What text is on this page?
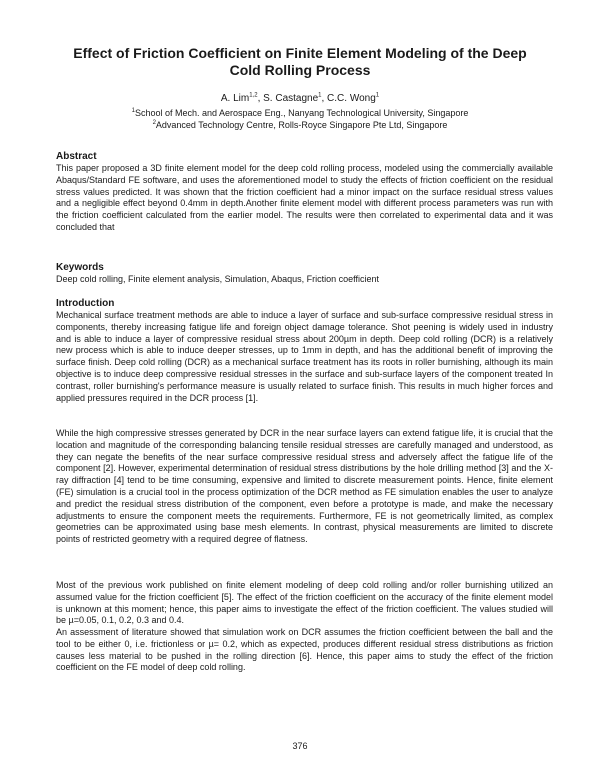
Effect of Friction Coefficient on Finite Element Modeling of the Deep
Cold Rolling Process
A. Lim$^{1,2}$, S. Castagne$^1$, C.C. Wong$^1$
$^1$School of Mech. and Aerospace Eng., Nanyang Technological University, Singapore
$^2$Advanced Technology Centre, Rolls-Royce Singapore Pte Ltd, Singapore
Abstract

This paper proposed a 3D finite element model for the deep cold rolling process, modeled using the commercially available Abaqus/Standard FE software, and uses the aforementioned model to study the effects of friction coefficient on the residual stress values predicted. It was shown that the friction coefficient had a minor impact on the surface residual stress values and a negligible effect beyond 0.4mm in depth.Another finite element model with different process parameters was run with the friction coefficient calculated from the earlier model. The results were then correlated to experimental data and it was concluded that

Keywords

Deep cold rolling, Finite element analysis, Simulation, Abaqus, Friction coefficient

Introduction

Mechanical surface treatment methods are able to induce a layer of surface and sub-surface compressive residual stress in components, thereby increasing fatigue life and foreign object damage tolerance. Shot peening is widely used in industry and is able to induce a layer of compressive residual stress about 200µm in depth. Deep cold rolling (DCR) is a relatively new process which is able to induce deeper stresses, up to 1mm in depth, and has the additional benefit of improving the surface finish. Deep cold rolling (DCR) as a mechanical surface treatment has its roots in roller burnishing, although its main objective is to induce deep compressive residual stresses in the surface and sub-surface layers of the component treated In contrast, roller burnishing's performance measure is usually related to surface finish. This results in much higher forces and applied pressures required in the DCR process [1].

While the high compressive stresses generated by DCR in the near surface layers can extend fatigue life, it is crucial that the location and magnitude of the corresponding balancing tensile residual stresses are carefully managed and understood, as they can negate the benefits of the near surface compressive residual stress and adversely affect the fatigue life of the component [2]. However, experimental determination of residual stress distributions by the hole drilling method [3] and the X-ray diffraction [4] tend to be time consuming, expensive and limited to discrete measurement points. Hence, finite element (FE) simulation is a crucial tool in the process optimization of the DCR method as FE simulation enables the user to analyze and predict the residual stress distribution of the component, even before a prototype is made, and make the necessary adjustments to ensure the component meets the requirements. Furthermore, FE is not geometrically limited, as complex geometries can be approximated using base mesh elements. In contrast, physical measurements are limited to discrete points of restricted geometry with a required degree of flatness.

Most of the previous work published on finite element modeling of deep cold rolling and/or roller burnishing utilized an assumed value for the friction coefficient [5]. The effect of the friction coefficient on the accuracy of the finite element model is unknown at this moment; hence, this paper aims to investigate the effect of the friction coefficient. The values studied will be µ=0.05, 0.1, 0.2, 0.3 and 0.4.

An assessment of literature showed that simulation work on DCR assumes the friction coefficient between the ball and the tool to be either 0, i.e. frictionless or µ= 0.2, which as expected, produces different residual stress distributions as friction causes less material to be pushed in the rolling direction [6]. Hence, this paper aims to study the effect of the friction coefficient on the FE model of deep cold rolling.

376
